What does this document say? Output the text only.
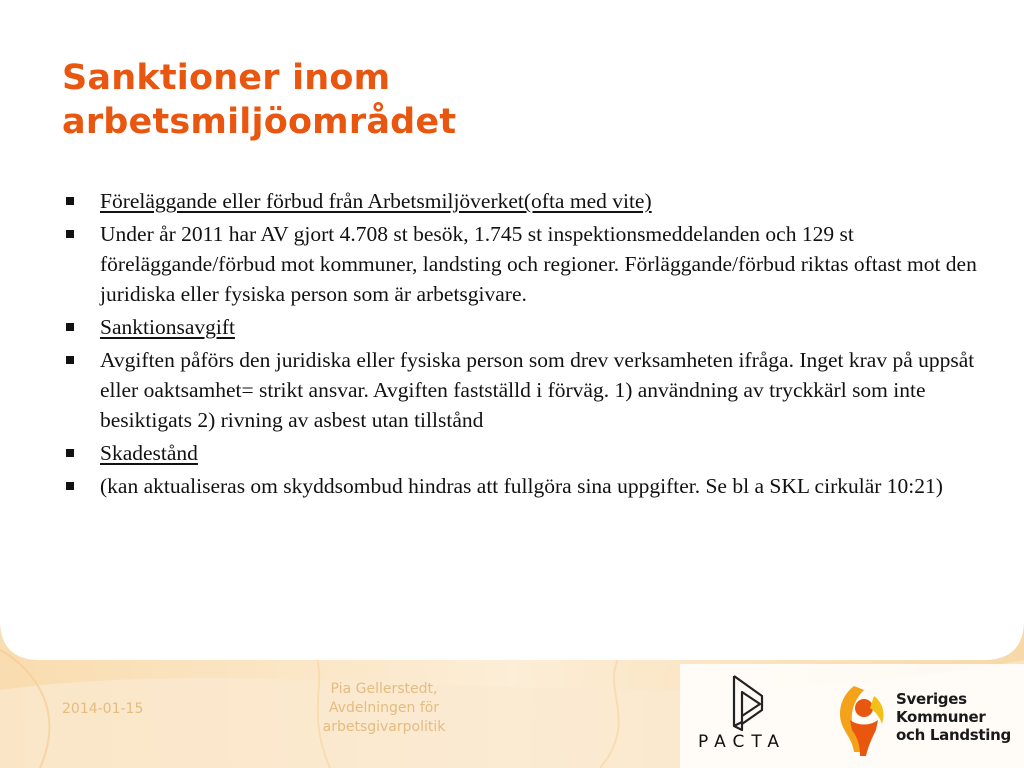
Sanktioner inom
arbetsmiljöområdet
Föreläggande eller förbud från Arbetsmiljöverket(ofta med vite)
Under år 2011 har AV gjort 4.708 st besök, 1.745 st inspektionsmeddelanden och 129 st föreläggande/förbud mot kommuner, landsting och regioner. Förläggande/förbud riktas oftast mot den juridiska eller fysiska person som är arbetsgivare.
Sanktionsavgift
Avgiften påförs den juridiska eller fysiska person som drev verksamheten ifråga. Inget krav på uppsåt eller oaktsamhet= strikt ansvar. Avgiften fastställd i förväg. 1) användning av tryckkärl som inte besiktigats 2) rivning av asbest utan tillstånd
Skadestånd
(kan aktualiseras om skyddsombud hindras att fullgöra sina uppgifter. Se bl a SKL cirkulär 10:21)
2014-01-15
Pia Gellerstedt,
Avdelningen för
arbetsgivarpolitik
PACTA
Sveriges
Kommuner
och Landsting
